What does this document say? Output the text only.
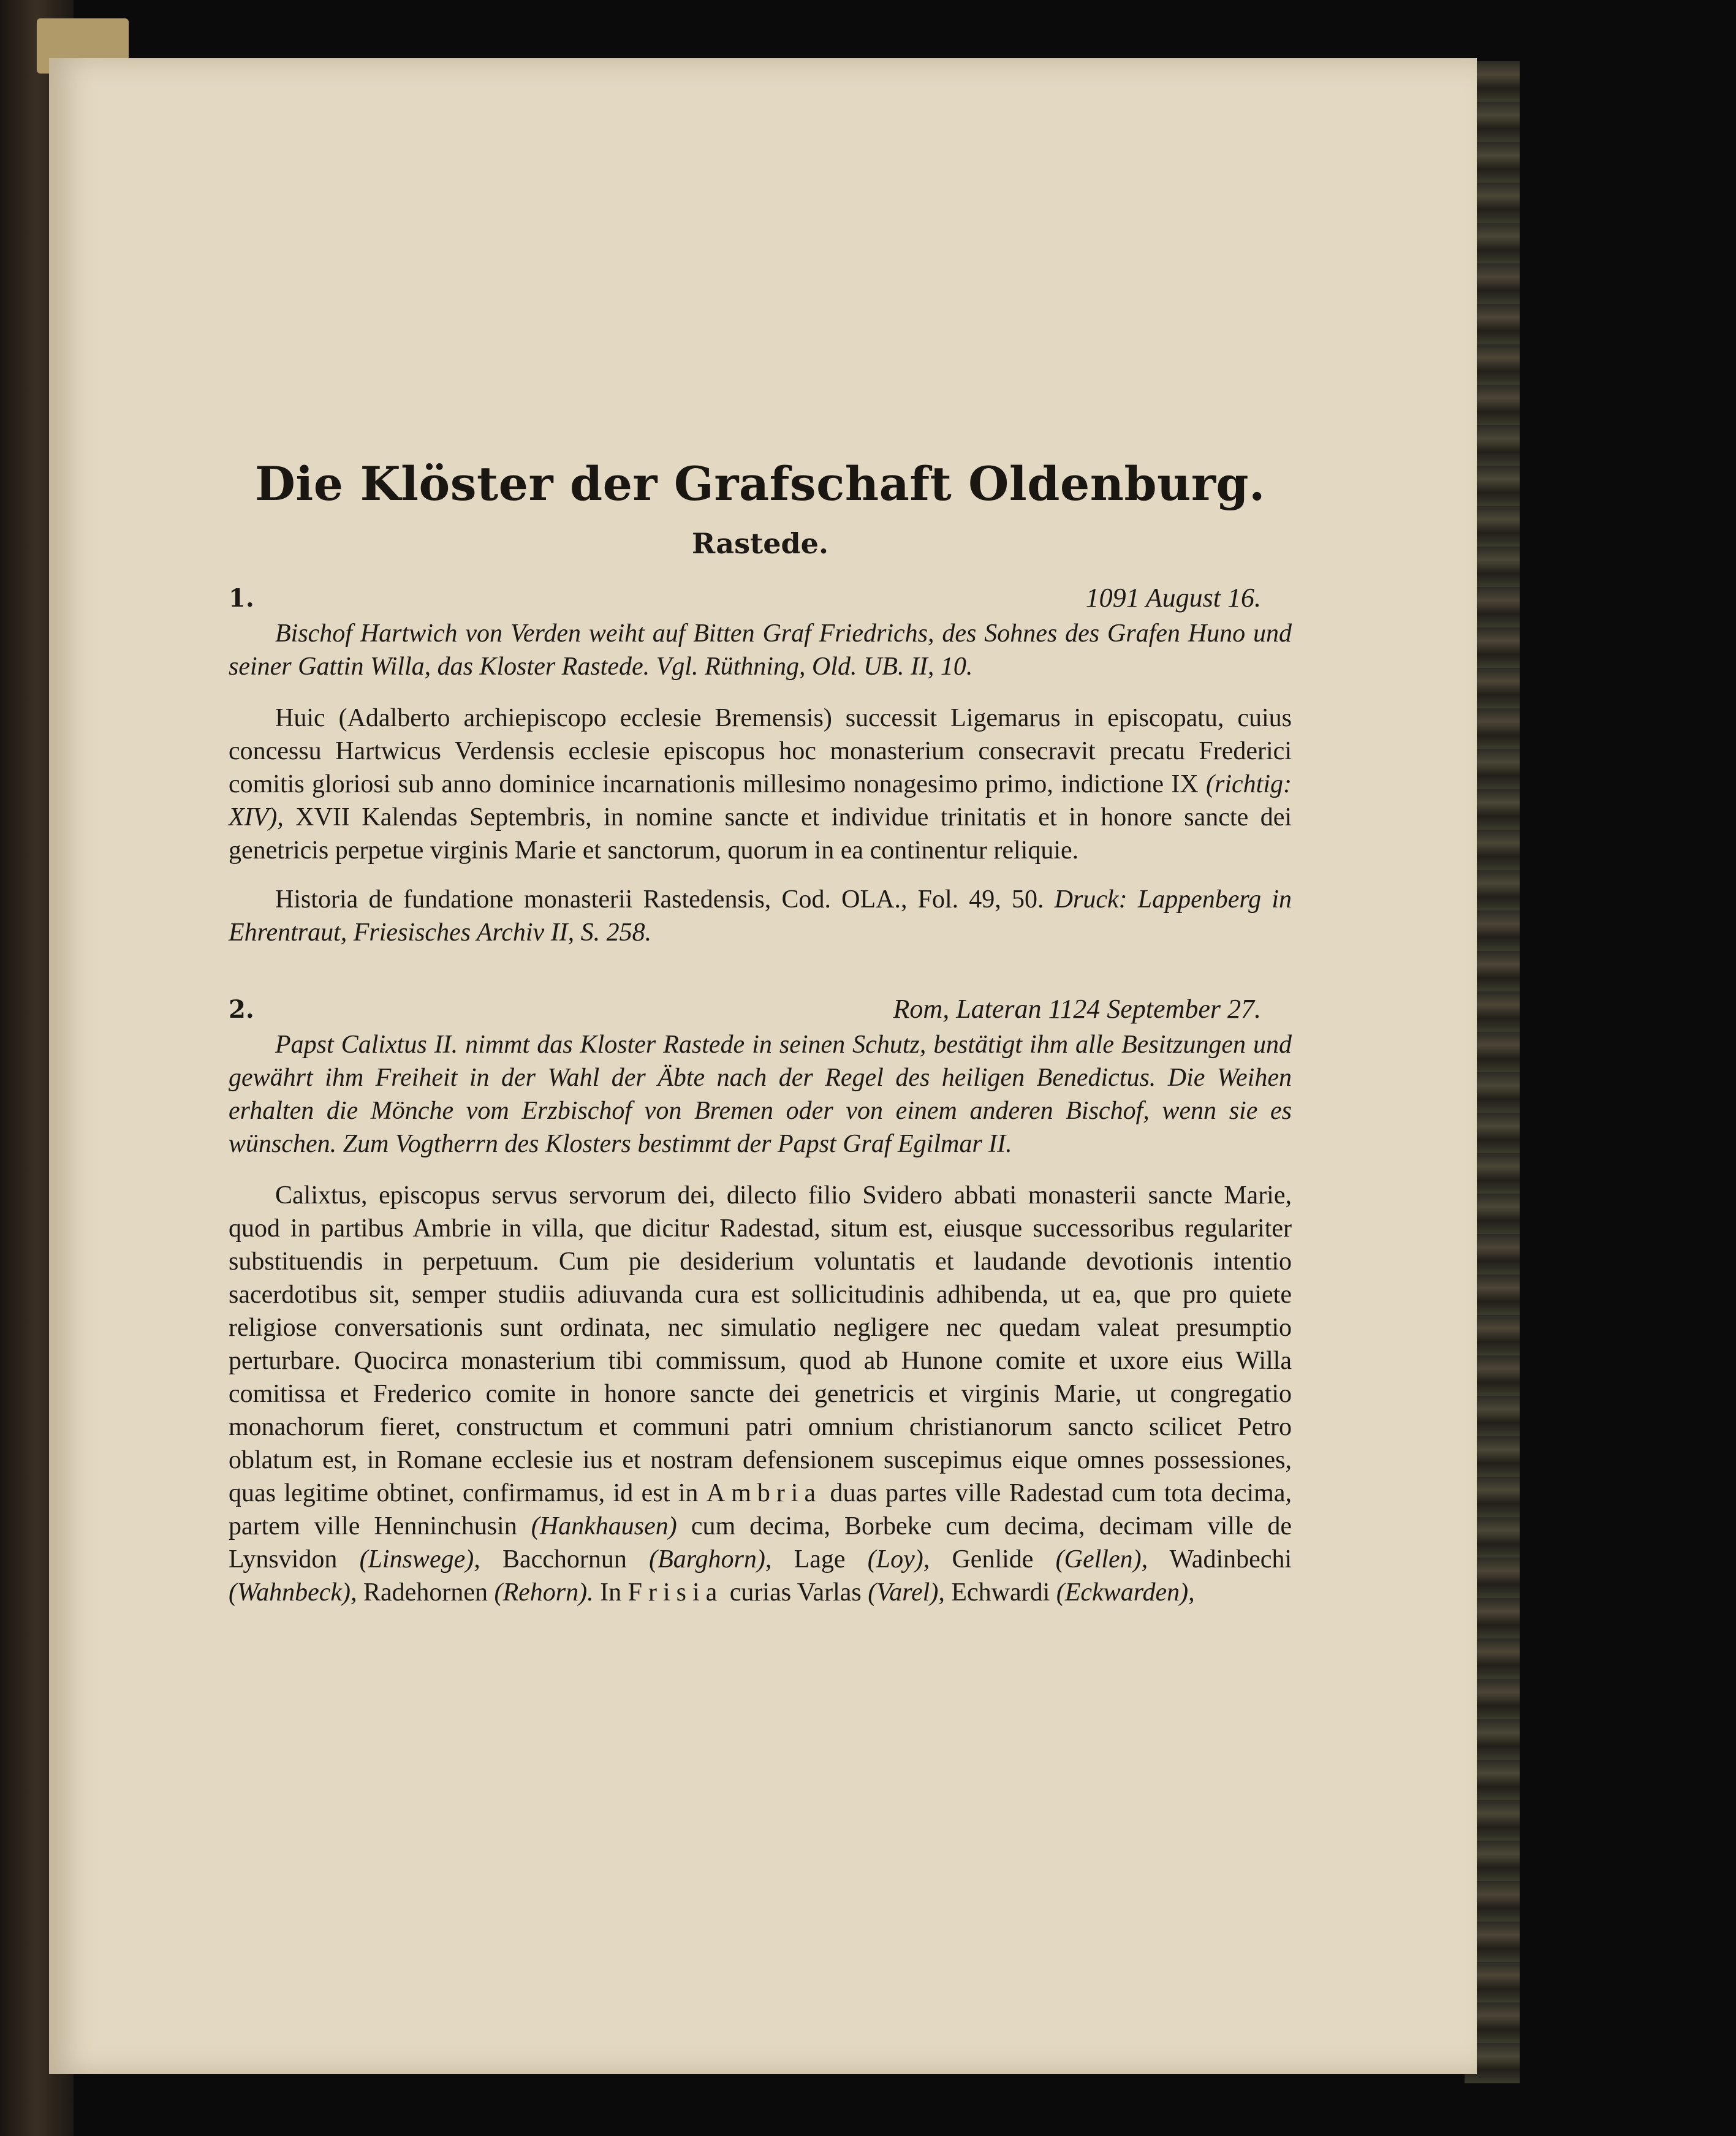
Die Klöster der Grafschaft Oldenburg.
Rastede.
1.	1091 August 16.

Bischof Hartwich von Verden weiht auf Bitten Graf Friedrichs, des Sohnes des Grafen Huno und seiner Gattin Willa, das Kloster Rastede. Vgl. Rüthning, Old. UB. II, 10.

Huic (Adalberto archiepiscopo ecclesie Bremensis) successit Ligemarus in episcopatu, cuius concessu Hartwicus Verdensis ecclesie episcopus hoc monasterium consecravit precatu Frederici comitis gloriosi sub anno dominice incarnationis millesimo nonagesimo primo, indictione IX (richtig: XIV), XVII Kalendas Septembris, in nomine sancte et individue trinitatis et in honore sancte dei genetricis perpetue virginis Marie et sanctorum, quorum in ea continentur reliquie.

Historia de fundatione monasterii Rastedensis, Cod. OLA., Fol. 49, 50. Druck: Lappenberg in Ehrentraut, Friesisches Archiv II, S. 258.

2.	Rom, Lateran 1124 September 27.

Papst Calixtus II. nimmt das Kloster Rastede in seinen Schutz, bestätigt ihm alle Besitzungen und gewährt ihm Freiheit in der Wahl der Äbte nach der Regel des heiligen Benedictus. Die Weihen erhalten die Mönche vom Erzbischof von Bremen oder von einem anderen Bischof, wenn sie es wünschen. Zum Vogtherrn des Klosters bestimmt der Papst Graf Egilmar II.

Calixtus, episcopus servus servorum dei, dilecto filio Svidero abbati monasterii sancte Marie, quod in partibus Ambrie in villa, que dicitur Radestad, situm est, eiusque successoribus regulariter substituendis in perpetuum. Cum pie desiderium voluntatis et laudande devotionis intentio sacerdotibus sit, semper studiis adiuvanda cura est sollicitudinis adhibenda, ut ea, que pro quiete religiose conversationis sunt ordinata, nec simulatio negligere nec quedam valeat presumptio perturbare. Quocirca monasterium tibi commissum, quod ab Hunone comite et uxore eius Willa comitissa et Frederico comite in honore sancte dei genetricis et virginis Marie, ut congregatio monachorum fieret, constructum et communi patri omnium christianorum sancto scilicet Petro oblatum est, in Romane ecclesie ius et nostram defensionem suscepimus eique omnes possessiones, quas legitime obtinet, confirmamus, id est in Ambria duas partes ville Radestad cum tota decima, partem ville Henninchusin (Hankhausen) cum decima, Borbeke cum decima, decimam ville de Lynsvidon (Linswege), Bacchornun (Barghorn), Lage (Loy), Genlide (Gellen), Wadinbechi (Wahnbeck), Radehornen (Rehorn). In Frisia curias Varlas (Varel), Echwardi (Eckwarden),
